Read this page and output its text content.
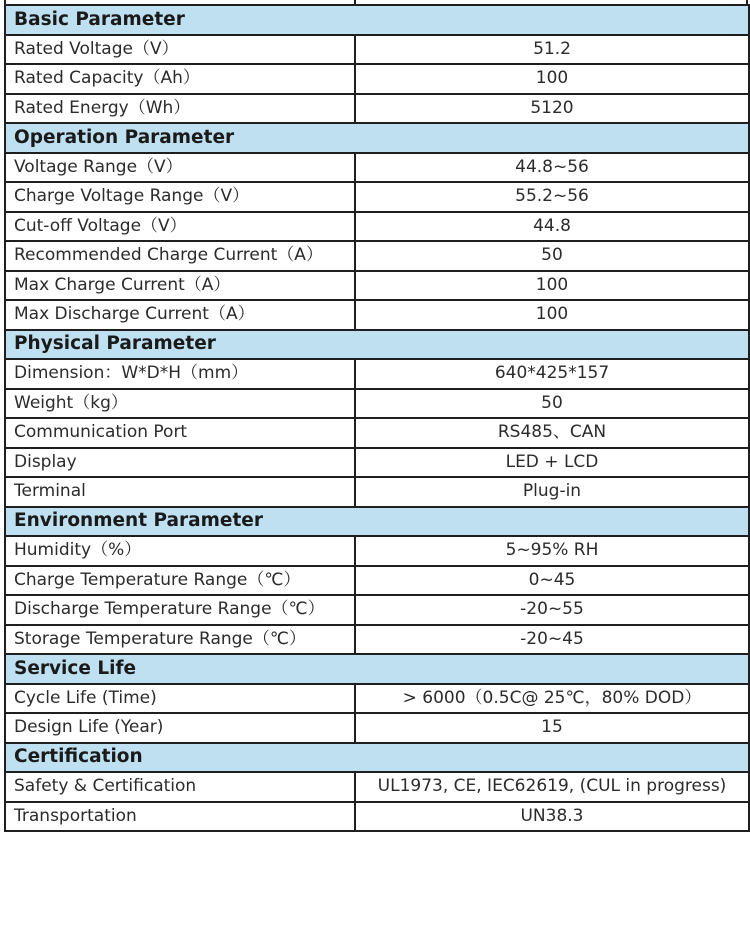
Basic Parameter	
Rated Voltage（V）	51.2
Rated Capacity（Ah）	100
Rated Energy（Wh）	5120
Operation Parameter	
Voltage Range（V）	44.8~56
Charge Voltage Range（V）	55.2~56
Cut-off Voltage（V）	44.8
Recommended Charge Current（A）	50
Max Charge Current（A）	100
Max Discharge Current（A）	100
Physical Parameter	
Dimension：W*D*H（mm）	640*425*157
Weight（kg）	50
Communication Port	RS485、CAN
Display	LED + LCD
Terminal	Plug-in
Environment Parameter	
Humidity（%）	5~95% RH
Charge Temperature Range（℃）	0~45
Discharge Temperature Range（℃）	-20~55
Storage Temperature Range（℃）	-20~45
Service Life	
Cycle Life (Time)	> 6000（0.5C@ 25℃，80% DOD）
Design Life (Year)	15
Certification	
Safety & Certification	UL1973, CE, IEC62619, (CUL in progress)
Transportation	UN38.3
